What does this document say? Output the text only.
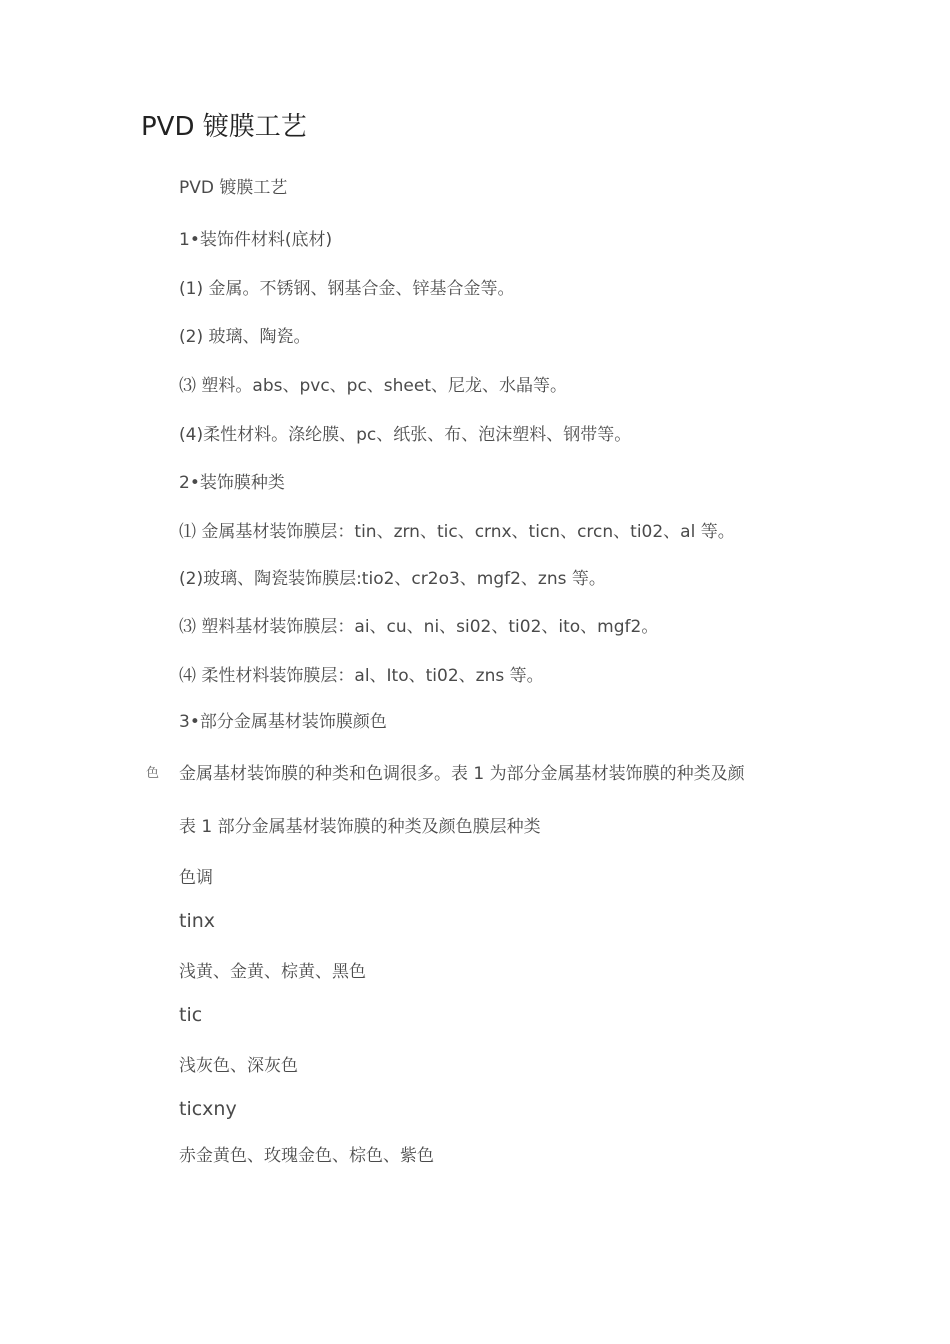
PVD 镀膜工艺

PVD 镀膜工艺

1•装饰件材料(底材)

(1) 金属。不锈钢、钢基合金、锌基合金等。

(2) 玻璃、陶瓷。

⑶ 塑料。abs、pvc、pc、sheet、尼龙、水晶等。

(4)柔性材料。涤纶膜、pc、纸张、布、泡沫塑料、钢带等。

2•装饰膜种类

⑴ 金属基材装饰膜层：tin、zrn、tic、crnx、ticn、crcn、ti02、al 等。

(2)玻璃、陶瓷装饰膜层:tio2、cr2o3、mgf2、zns 等。

⑶ 塑料基材装饰膜层：ai、cu、ni、si02、ti02、ito、mgf2。

⑷ 柔性材料装饰膜层：al、Ito、ti02、zns 等。

3•部分金属基材装饰膜颜色

色 金属基材装饰膜的种类和色调很多。表 1 为部分金属基材装饰膜的种类及颜

表 1 部分金属基材装饰膜的种类及颜色膜层种类

色调

tinx

浅黄、金黄、棕黄、黑色

tic

浅灰色、深灰色

ticxny

赤金黄色、玫瑰金色、棕色、紫色
